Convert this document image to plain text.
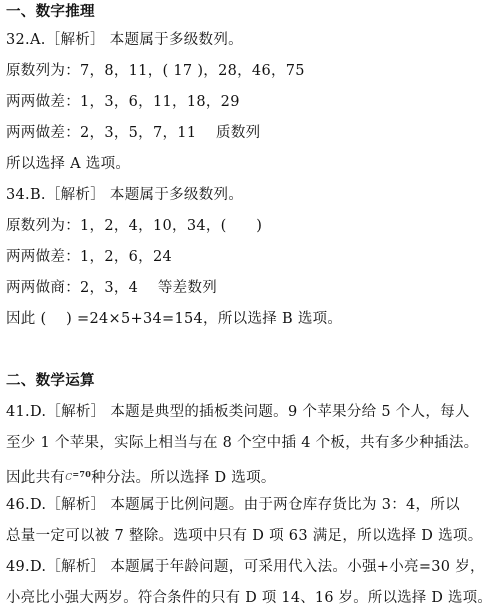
一、数字推理
32.A.［解析］ 本题属于多级数列。
原数列为：7，8，11，( 17 )，28，46，75
两两做差：1，3，6，11，18，29
两两做差：2，3，5，7，11　 质数列
所以选择 A 选项。
34.B.［解析］ 本题属于多级数列。
原数列为：1，2，4，10，34，(　　)
两两做差：1，2，6，24
两两做商：2，3，4　 等差数列
因此 (　 ) =24×5+34=154，所以选择 B 选项。
二、数学运算
41.D.［解析］ 本题是典型的插板类问题。9 个苹果分给 5 个人，每人
至少 1 个苹果，实际上相当与在 8 个空中插 4 个板，共有多少种插法。
因此共有$C^{=70}$种分法。所以选择 D 选项。
46.D.［解析］ 本题属于比例问题。由于两仓库存货比为 3：4，所以
总量一定可以被 7 整除。选项中只有 D 项 63 满足，所以选择 D 选项。
49.D.［解析］ 本题属于年龄问题，可采用代入法。小强+小亮=30 岁，
小亮比小强大两岁。符合条件的只有 D 项 14、16 岁。所以选择 D 选项。
